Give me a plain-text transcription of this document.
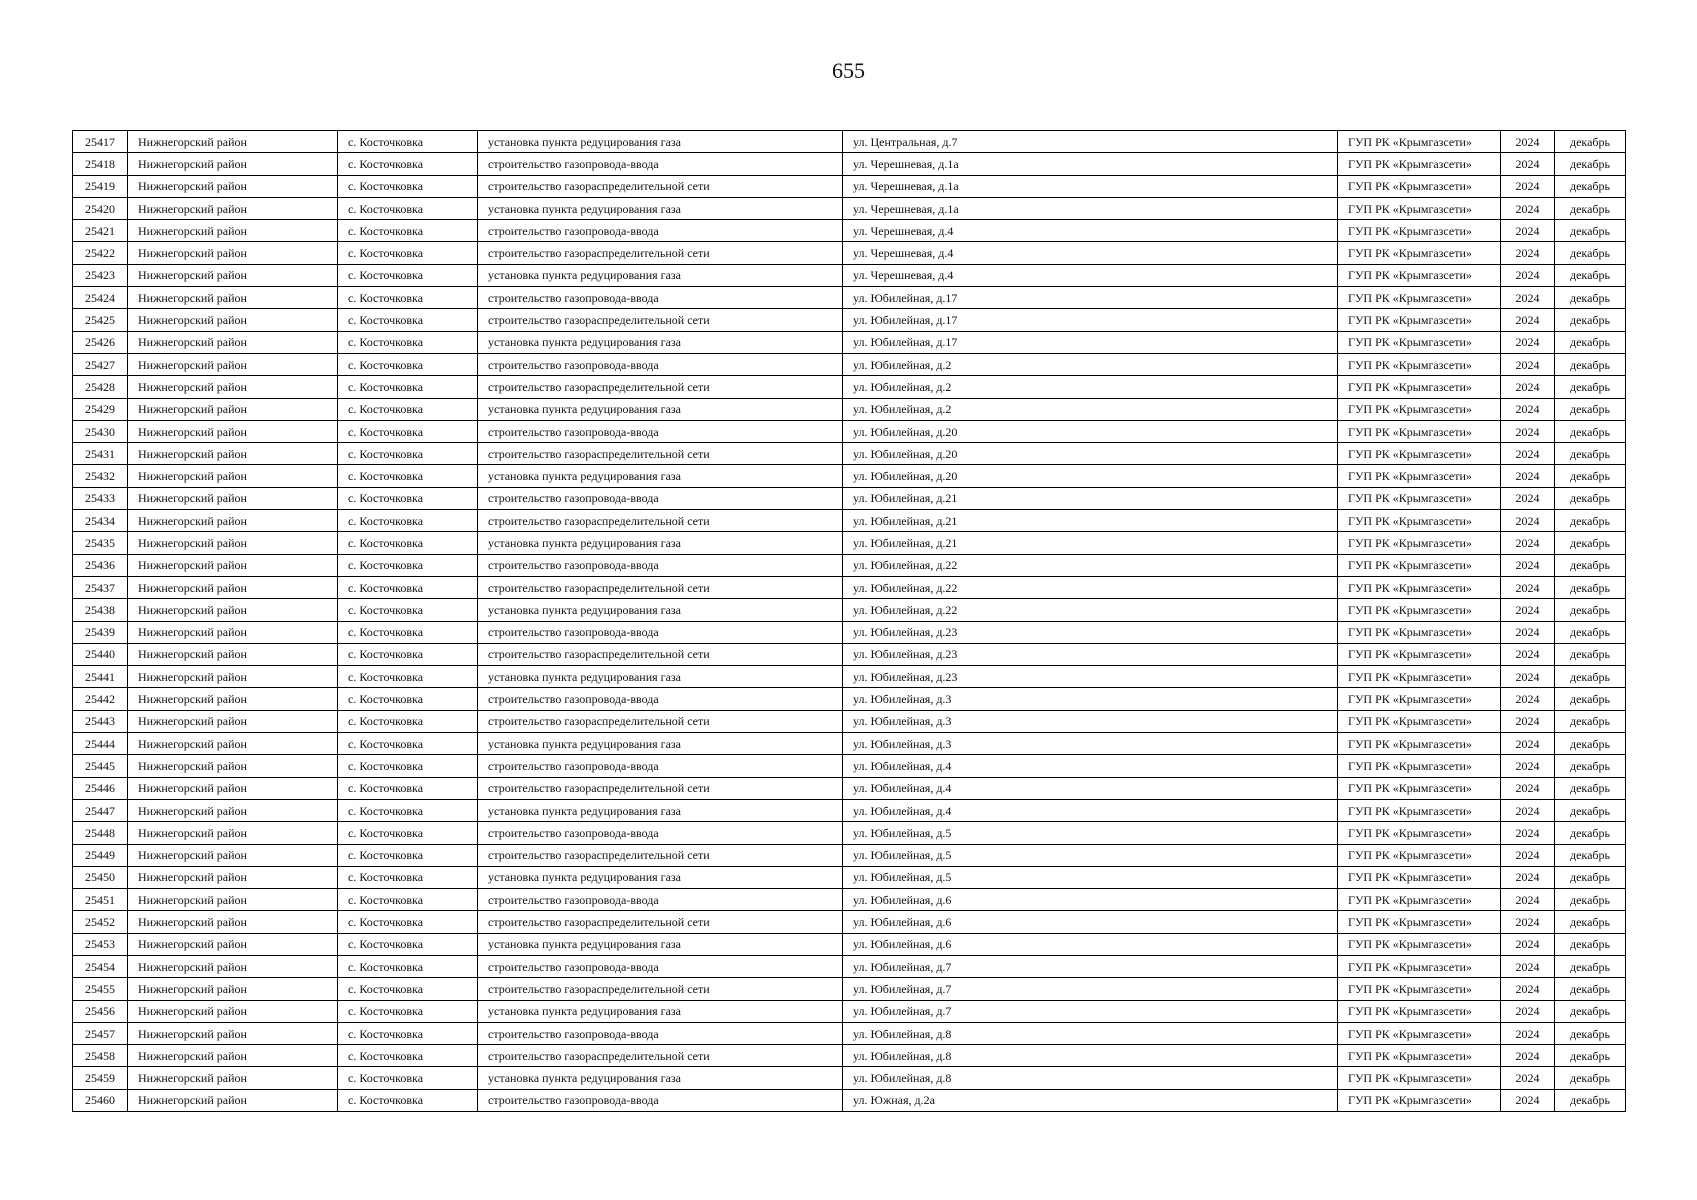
655
25417	Нижнегорский район	с. Косточковка	установка пункта редуцирования газа	ул. Центральная, д.7	ГУП РК «Крымгазсети»	2024	декабрь
25418	Нижнегорский район	с. Косточковка	строительство газопровода-ввода	ул. Черешневая, д.1а	ГУП РК «Крымгазсети»	2024	декабрь
25419	Нижнегорский район	с. Косточковка	строительство газораспределительной сети	ул. Черешневая, д.1а	ГУП РК «Крымгазсети»	2024	декабрь
25420	Нижнегорский район	с. Косточковка	установка пункта редуцирования газа	ул. Черешневая, д.1а	ГУП РК «Крымгазсети»	2024	декабрь
25421	Нижнегорский район	с. Косточковка	строительство газопровода-ввода	ул. Черешневая, д.4	ГУП РК «Крымгазсети»	2024	декабрь
25422	Нижнегорский район	с. Косточковка	строительство газораспределительной сети	ул. Черешневая, д.4	ГУП РК «Крымгазсети»	2024	декабрь
25423	Нижнегорский район	с. Косточковка	установка пункта редуцирования газа	ул. Черешневая, д.4	ГУП РК «Крымгазсети»	2024	декабрь
25424	Нижнегорский район	с. Косточковка	строительство газопровода-ввода	ул. Юбилейная, д.17	ГУП РК «Крымгазсети»	2024	декабрь
25425	Нижнегорский район	с. Косточковка	строительство газораспределительной сети	ул. Юбилейная, д.17	ГУП РК «Крымгазсети»	2024	декабрь
25426	Нижнегорский район	с. Косточковка	установка пункта редуцирования газа	ул. Юбилейная, д.17	ГУП РК «Крымгазсети»	2024	декабрь
25427	Нижнегорский район	с. Косточковка	строительство газопровода-ввода	ул. Юбилейная, д.2	ГУП РК «Крымгазсети»	2024	декабрь
25428	Нижнегорский район	с. Косточковка	строительство газораспределительной сети	ул. Юбилейная, д.2	ГУП РК «Крымгазсети»	2024	декабрь
25429	Нижнегорский район	с. Косточковка	установка пункта редуцирования газа	ул. Юбилейная, д.2	ГУП РК «Крымгазсети»	2024	декабрь
25430	Нижнегорский район	с. Косточковка	строительство газопровода-ввода	ул. Юбилейная, д.20	ГУП РК «Крымгазсети»	2024	декабрь
25431	Нижнегорский район	с. Косточковка	строительство газораспределительной сети	ул. Юбилейная, д.20	ГУП РК «Крымгазсети»	2024	декабрь
25432	Нижнегорский район	с. Косточковка	установка пункта редуцирования газа	ул. Юбилейная, д.20	ГУП РК «Крымгазсети»	2024	декабрь
25433	Нижнегорский район	с. Косточковка	строительство газопровода-ввода	ул. Юбилейная, д.21	ГУП РК «Крымгазсети»	2024	декабрь
25434	Нижнегорский район	с. Косточковка	строительство газораспределительной сети	ул. Юбилейная, д.21	ГУП РК «Крымгазсети»	2024	декабрь
25435	Нижнегорский район	с. Косточковка	установка пункта редуцирования газа	ул. Юбилейная, д.21	ГУП РК «Крымгазсети»	2024	декабрь
25436	Нижнегорский район	с. Косточковка	строительство газопровода-ввода	ул. Юбилейная, д.22	ГУП РК «Крымгазсети»	2024	декабрь
25437	Нижнегорский район	с. Косточковка	строительство газораспределительной сети	ул. Юбилейная, д.22	ГУП РК «Крымгазсети»	2024	декабрь
25438	Нижнегорский район	с. Косточковка	установка пункта редуцирования газа	ул. Юбилейная, д.22	ГУП РК «Крымгазсети»	2024	декабрь
25439	Нижнегорский район	с. Косточковка	строительство газопровода-ввода	ул. Юбилейная, д.23	ГУП РК «Крымгазсети»	2024	декабрь
25440	Нижнегорский район	с. Косточковка	строительство газораспределительной сети	ул. Юбилейная, д.23	ГУП РК «Крымгазсети»	2024	декабрь
25441	Нижнегорский район	с. Косточковка	установка пункта редуцирования газа	ул. Юбилейная, д.23	ГУП РК «Крымгазсети»	2024	декабрь
25442	Нижнегорский район	с. Косточковка	строительство газопровода-ввода	ул. Юбилейная, д.3	ГУП РК «Крымгазсети»	2024	декабрь
25443	Нижнегорский район	с. Косточковка	строительство газораспределительной сети	ул. Юбилейная, д.3	ГУП РК «Крымгазсети»	2024	декабрь
25444	Нижнегорский район	с. Косточковка	установка пункта редуцирования газа	ул. Юбилейная, д.3	ГУП РК «Крымгазсети»	2024	декабрь
25445	Нижнегорский район	с. Косточковка	строительство газопровода-ввода	ул. Юбилейная, д.4	ГУП РК «Крымгазсети»	2024	декабрь
25446	Нижнегорский район	с. Косточковка	строительство газораспределительной сети	ул. Юбилейная, д.4	ГУП РК «Крымгазсети»	2024	декабрь
25447	Нижнегорский район	с. Косточковка	установка пункта редуцирования газа	ул. Юбилейная, д.4	ГУП РК «Крымгазсети»	2024	декабрь
25448	Нижнегорский район	с. Косточковка	строительство газопровода-ввода	ул. Юбилейная, д.5	ГУП РК «Крымгазсети»	2024	декабрь
25449	Нижнегорский район	с. Косточковка	строительство газораспределительной сети	ул. Юбилейная, д.5	ГУП РК «Крымгазсети»	2024	декабрь
25450	Нижнегорский район	с. Косточковка	установка пункта редуцирования газа	ул. Юбилейная, д.5	ГУП РК «Крымгазсети»	2024	декабрь
25451	Нижнегорский район	с. Косточковка	строительство газопровода-ввода	ул. Юбилейная, д.6	ГУП РК «Крымгазсети»	2024	декабрь
25452	Нижнегорский район	с. Косточковка	строительство газораспределительной сети	ул. Юбилейная, д.6	ГУП РК «Крымгазсети»	2024	декабрь
25453	Нижнегорский район	с. Косточковка	установка пункта редуцирования газа	ул. Юбилейная, д.6	ГУП РК «Крымгазсети»	2024	декабрь
25454	Нижнегорский район	с. Косточковка	строительство газопровода-ввода	ул. Юбилейная, д.7	ГУП РК «Крымгазсети»	2024	декабрь
25455	Нижнегорский район	с. Косточковка	строительство газораспределительной сети	ул. Юбилейная, д.7	ГУП РК «Крымгазсети»	2024	декабрь
25456	Нижнегорский район	с. Косточковка	установка пункта редуцирования газа	ул. Юбилейная, д.7	ГУП РК «Крымгазсети»	2024	декабрь
25457	Нижнегорский район	с. Косточковка	строительство газопровода-ввода	ул. Юбилейная, д.8	ГУП РК «Крымгазсети»	2024	декабрь
25458	Нижнегорский район	с. Косточковка	строительство газораспределительной сети	ул. Юбилейная, д.8	ГУП РК «Крымгазсети»	2024	декабрь
25459	Нижнегорский район	с. Косточковка	установка пункта редуцирования газа	ул. Юбилейная, д.8	ГУП РК «Крымгазсети»	2024	декабрь
25460	Нижнегорский район	с. Косточковка	строительство газопровода-ввода	ул. Южная, д.2а	ГУП РК «Крымгазсети»	2024	декабрь
